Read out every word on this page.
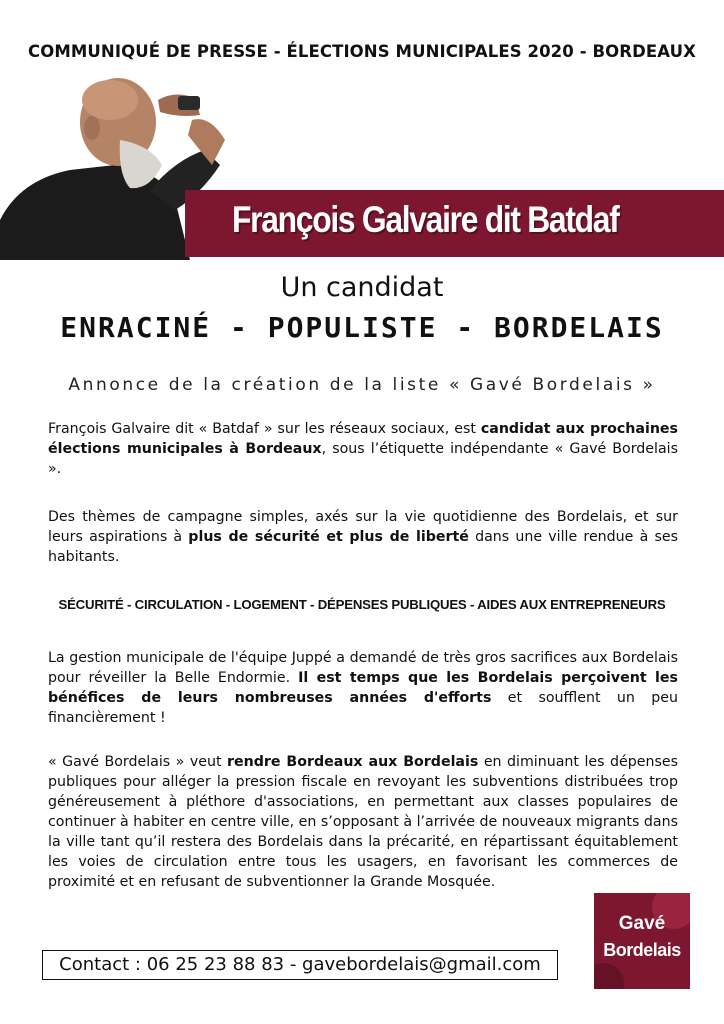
COMMUNIQUÉ DE PRESSE - ÉLECTIONS MUNICIPALES 2020 - BORDEAUX
François Galvaire dit Batdaf
Un candidat
ENRACINÉ - POPULISTE - BORDELAIS
Annonce de la création de la liste « Gavé Bordelais »
François Galvaire dit « Batdaf » sur les réseaux sociaux, est candidat aux prochaines élections municipales à Bordeaux, sous l’étiquette indépendante « Gavé Bordelais ».
Des thèmes de campagne simples, axés sur la vie quotidienne des Bordelais, et sur leurs aspirations à plus de sécurité et plus de liberté dans une ville rendue à ses habitants.
SÉCURITÉ - CIRCULATION - LOGEMENT - DÉPENSES PUBLIQUES - AIDES AUX ENTREPRENEURS
La gestion municipale de l'équipe Juppé a demandé de très gros sacrifices aux Bordelais pour réveiller la Belle Endormie. Il est temps que les Bordelais perçoivent les bénéfices de leurs nombreuses années d'efforts et soufflent un peu financièrement !
« Gavé Bordelais » veut rendre Bordeaux aux Bordelais en diminuant les dépenses publiques pour alléger la pression fiscale en revoyant les subventions distribuées trop généreusement à pléthore d'associations, en permettant aux classes populaires de continuer à habiter en centre ville, en s’opposant à l’arrivée de nouveaux migrants dans la ville tant qu’il restera des Bordelais dans la précarité, en répartissant équitablement les voies de circulation entre tous les usagers, en favorisant les commerces de proximité et en refusant de subventionner la Grande Mosquée.
Contact : 06 25 23 88 83 - gavebordelais@gmail.com
Gavé
Bordelais
